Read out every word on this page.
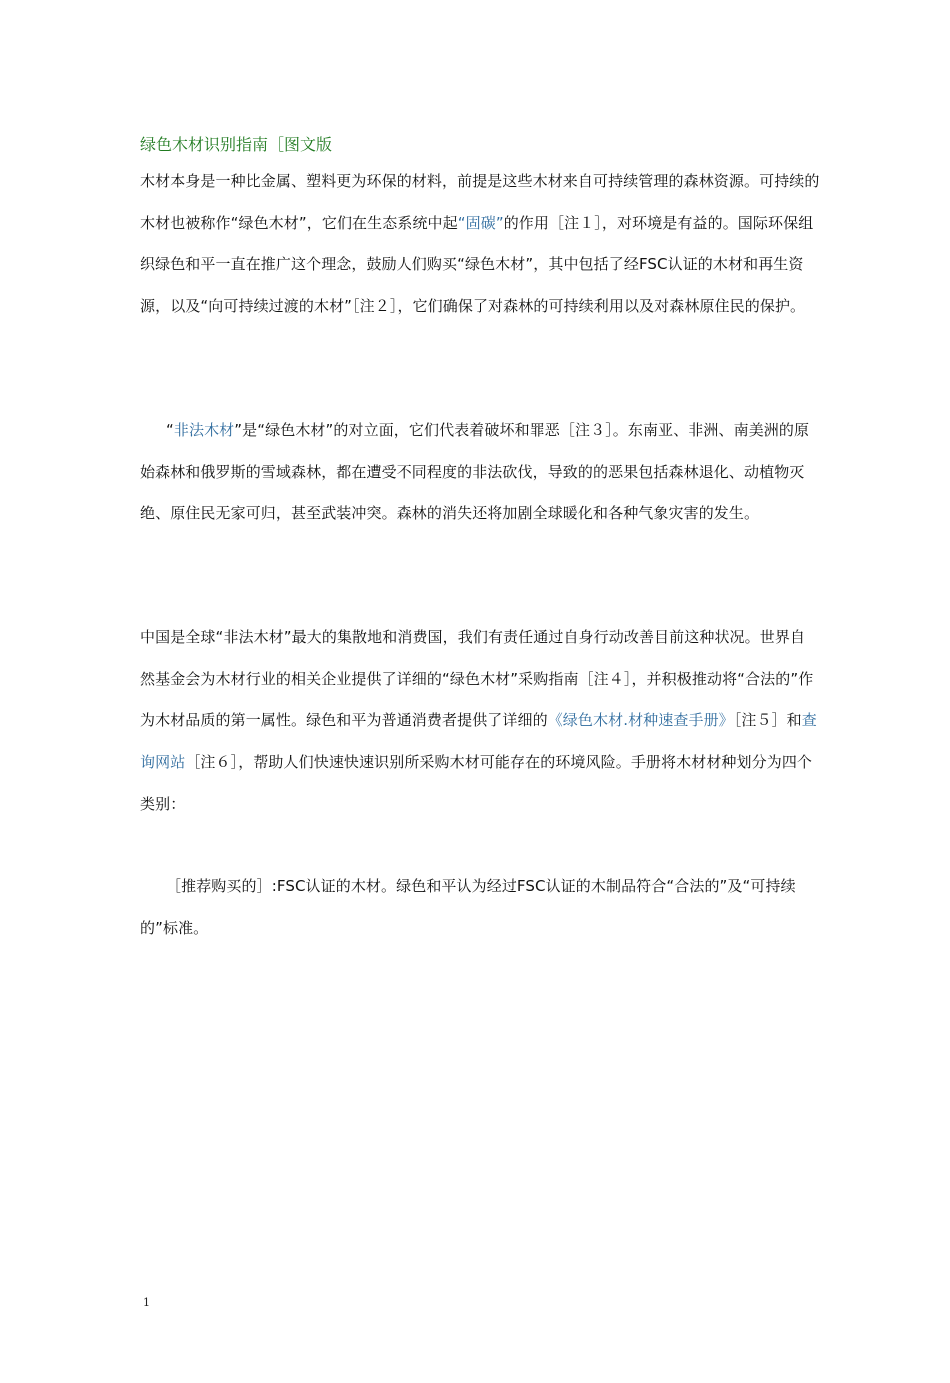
绿色木材识别指南［图文版

木材本身是一种比金属、塑料更为环保的材料，前提是这些木材来自可持续管理的森林资源。可持续的木材也被称作“绿色木材”，它们在生态系统中起“固碳”的作用［注１］，对环境是有益的。国际环保组织绿色和平一直在推广这个理念，鼓励人们购买“绿色木材”，其中包括了经FSC认证的木材和再生资源，以及“向可持续过渡的木材”［注２］，它们确保了对森林的可持续利用以及对森林原住民的保护。

“非法木材”是“绿色木材”的对立面，它们代表着破坏和罪恶［注３］。东南亚、非洲、南美洲的原始森林和俄罗斯的雪域森林，都在遭受不同程度的非法砍伐，导致的的恶果包括森林退化、动植物灭绝、原住民无家可归，甚至武装冲突。森林的消失还将加剧全球暖化和各种气象灾害的发生。

中国是全球“非法木材”最大的集散地和消费国，我们有责任通过自身行动改善目前这种状况。世界自然基金会为木材行业的相关企业提供了详细的“绿色木材”采购指南［注４］，并积极推动将“合法的”作为木材品质的第一属性。绿色和平为普通消费者提供了详细的《绿色木材.材种速查手册》［注５］和查询网站［注６］，帮助人们快速快速识别所采购木材可能存在的环境风险。手册将木材材种划分为四个类别：

［推荐购买的］:FSC认证的木材。绿色和平认为经过FSC认证的木制品符合“合法的”及“可持续的”标准。

1
